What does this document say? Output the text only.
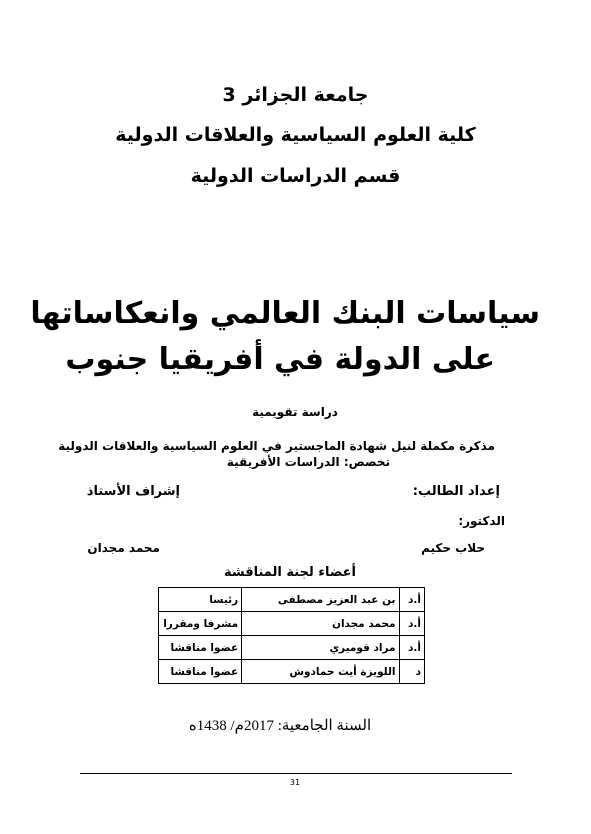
جامعة الجزائر 3
كلية العلوم السياسية والعلاقات الدولية
قسم الدراسات الدولية
سياسات البنك العالمي وانعكاساتها
على الدولة في أفريقيا جنوب
دراسة تقويمية
مذكرة مكملة لنيل شهادة الماجستير في العلوم السياسية والعلاقات الدولية
تخصص: الدراسات الأفريقية
إعداد الطالب:
إشراف الأستاذ
الدكتور:
حلاب حكيم
محمد مجدان
أعضاء لجنة المناقشة
أ.د	بن عبد العزيز مصطفى	رئيسا
أ.د	محمد مجدان	مشرفا ومقررا
أ.د	مراد قوميري	عضوا مناقشا
د	اللويزة أيت حمادوش	عضوا مناقشا
السنة الجامعية: 2017م/ 1438ه
31
